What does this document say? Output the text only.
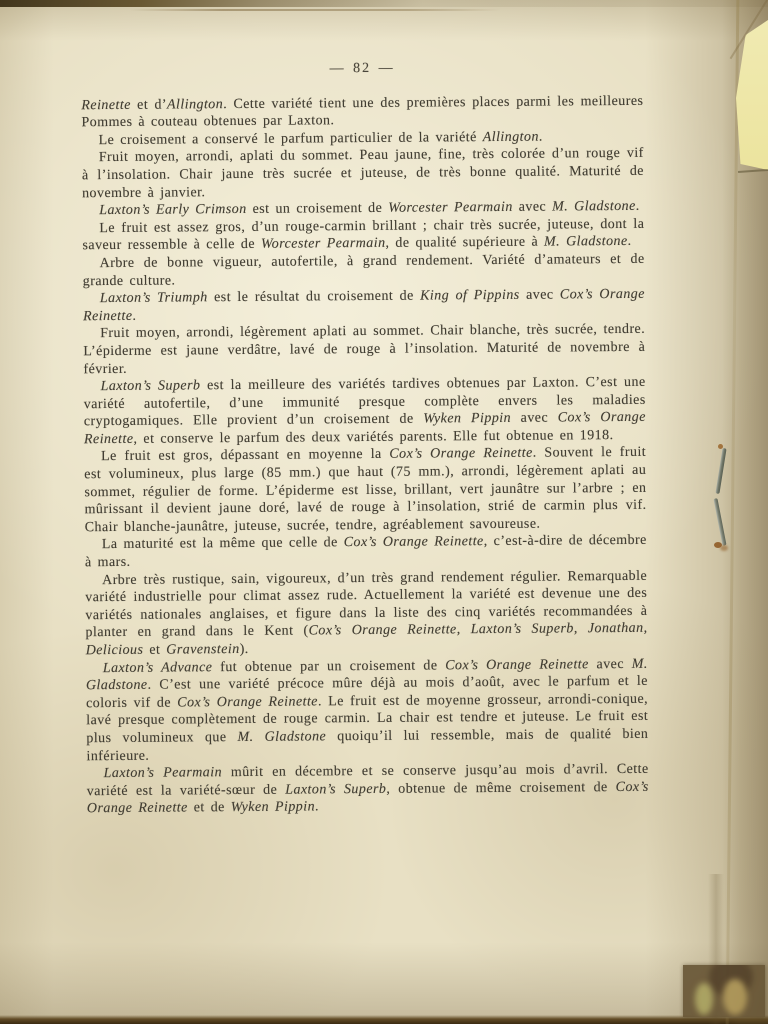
— 82 —

Reinette et d’Allington. Cette variété tient une des premières places parmi les meilleures Pommes à couteau obtenues par Laxton.

Le croisement a conservé le parfum particulier de la variété Allington.

Fruit moyen, arrondi, aplati du sommet. Peau jaune, fine, très colorée d’un rouge vif à l’insolation. Chair jaune très sucrée et juteuse, de très bonne qualité. Maturité de novembre à janvier.

Laxton’s Early Crimson est un croisement de Worcester Pearmain avec M. Gladstone.

Le fruit est assez gros, d’un rouge-carmin brillant ; chair très sucrée, juteuse, dont la saveur ressemble à celle de Worcester Pearmain, de qualité supérieure à M. Gladstone.

Arbre de bonne vigueur, autofertile, à grand rendement. Variété d’amateurs et de grande culture.

Laxton’s Triumph est le résultat du croisement de King of Pippins avec Cox’s Orange Reinette.

Fruit moyen, arrondi, légèrement aplati au sommet. Chair blanche, très sucrée, tendre. L’épiderme est jaune verdâtre, lavé de rouge à l’insolation. Maturité de novembre à février.

Laxton’s Superb est la meilleure des variétés tardives obtenues par Laxton. C’est une variété autofertile, d’une immunité presque complète envers les maladies cryptogamiques. Elle provient d’un croisement de Wyken Pippin avec Cox’s Orange Reinette, et conserve le parfum des deux variétés parents. Elle fut obtenue en 1918.

Le fruit est gros, dépassant en moyenne la Cox’s Orange Reinette. Souvent le fruit est volumineux, plus large (85 mm.) que haut (75 mm.), arrondi, légèrement aplati au sommet, régulier de forme. L’épiderme est lisse, brillant, vert jaunâtre sur l’arbre ; en mûrissant il devient jaune doré, lavé de rouge à l’insolation, strié de carmin plus vif. Chair blanche-jaunâtre, juteuse, sucrée, tendre, agréablement savoureuse.

La maturité est la même que celle de Cox’s Orange Reinette, c’est-à-dire de décembre à mars.

Arbre très rustique, sain, vigoureux, d’un très grand rendement régulier. Remarquable variété industrielle pour climat assez rude. Actuellement la variété est devenue une des variétés nationales anglaises, et figure dans la liste des cinq variétés recommandées à planter en grand dans le Kent (Cox’s Orange Reinette, Laxton’s Superb, Jonathan, Delicious et Gravenstein).

Laxton’s Advance fut obtenue par un croisement de Cox’s Orange Reinette avec M. Gladstone. C’est une variété précoce mûre déjà au mois d’août, avec le parfum et le coloris vif de Cox’s Orange Reinette. Le fruit est de moyenne grosseur, arrondi-conique, lavé presque complètement de rouge carmin. La chair est tendre et juteuse. Le fruit est plus volumineux que M. Gladstone quoiqu’il lui ressemble, mais de qualité bien inférieure.

Laxton’s Pearmain mûrit en décembre et se conserve jusqu’au mois d’avril. Cette variété est la variété-sœur de Laxton’s Superb, obtenue de même croisement de Cox’s Orange Reinette et de Wyken Pippin.
